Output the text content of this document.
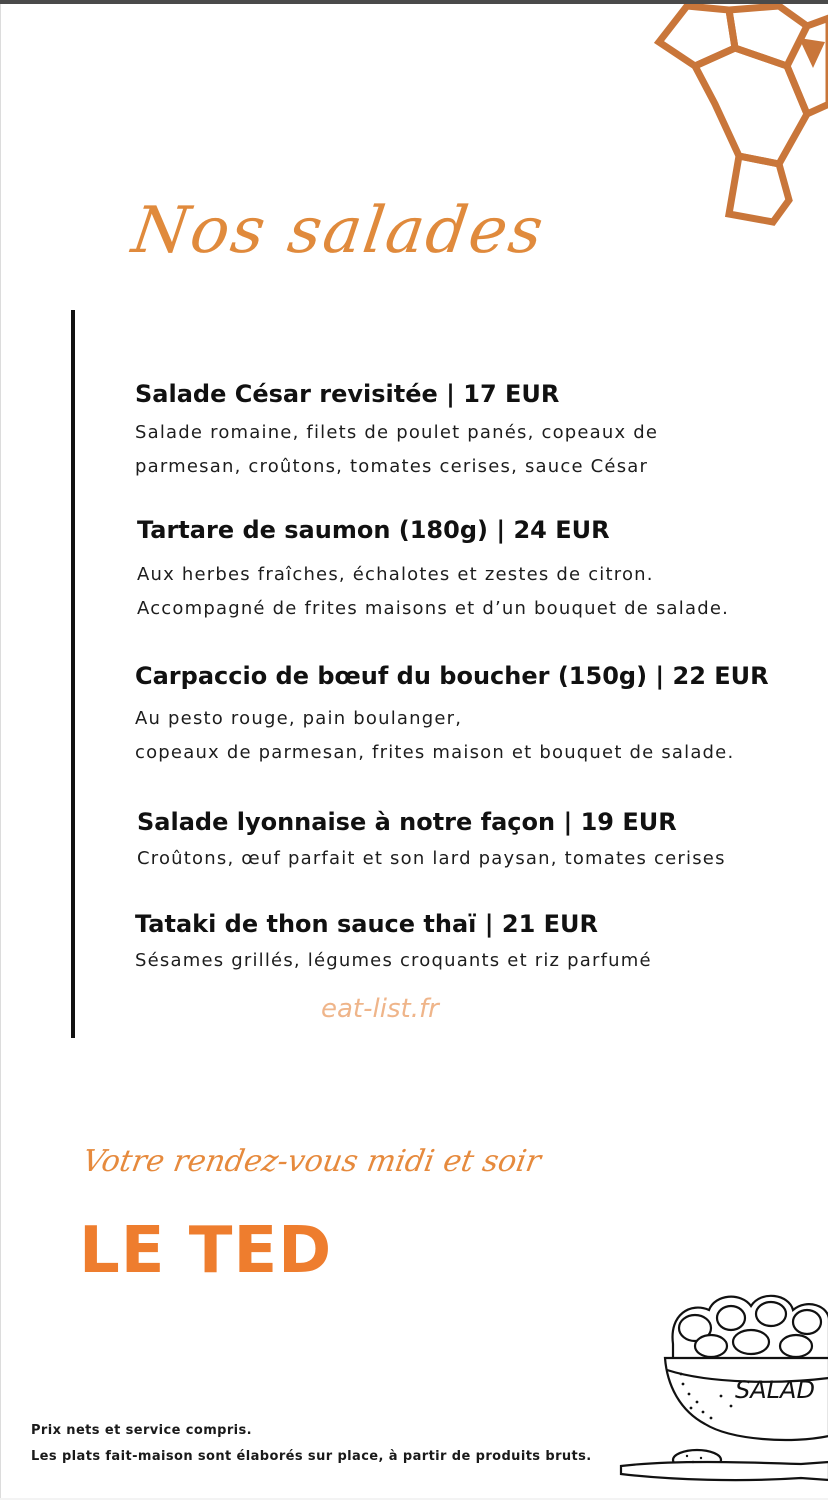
Nos salades
Salade César revisitée | 17 EUR

Salade romaine, filets de poulet panés, copeaux de

parmesan, croûtons, tomates cerises, sauce César

Tartare de saumon (180g) | 24 EUR

Aux herbes fraîches, échalotes et zestes de citron.

Accompagné de frites maisons et d’un bouquet de salade.

Carpaccio de bœuf du boucher (150g) | 22 EUR

Au pesto rouge, pain boulanger,

copeaux de parmesan, frites maison et bouquet de salade.

Salade lyonnaise à notre façon | 19 EUR

Croûtons, œuf parfait et son lard paysan, tomates cerises

Tataki de thon sauce thaï | 21 EUR

Sésames grillés, légumes croquants et riz parfumé

eat-list.fr
Votre rendez-vous midi et soir
LE TED
Prix nets et service compris.
Les plats fait-maison sont élaborés sur place, à partir de produits bruts.
SALAD
